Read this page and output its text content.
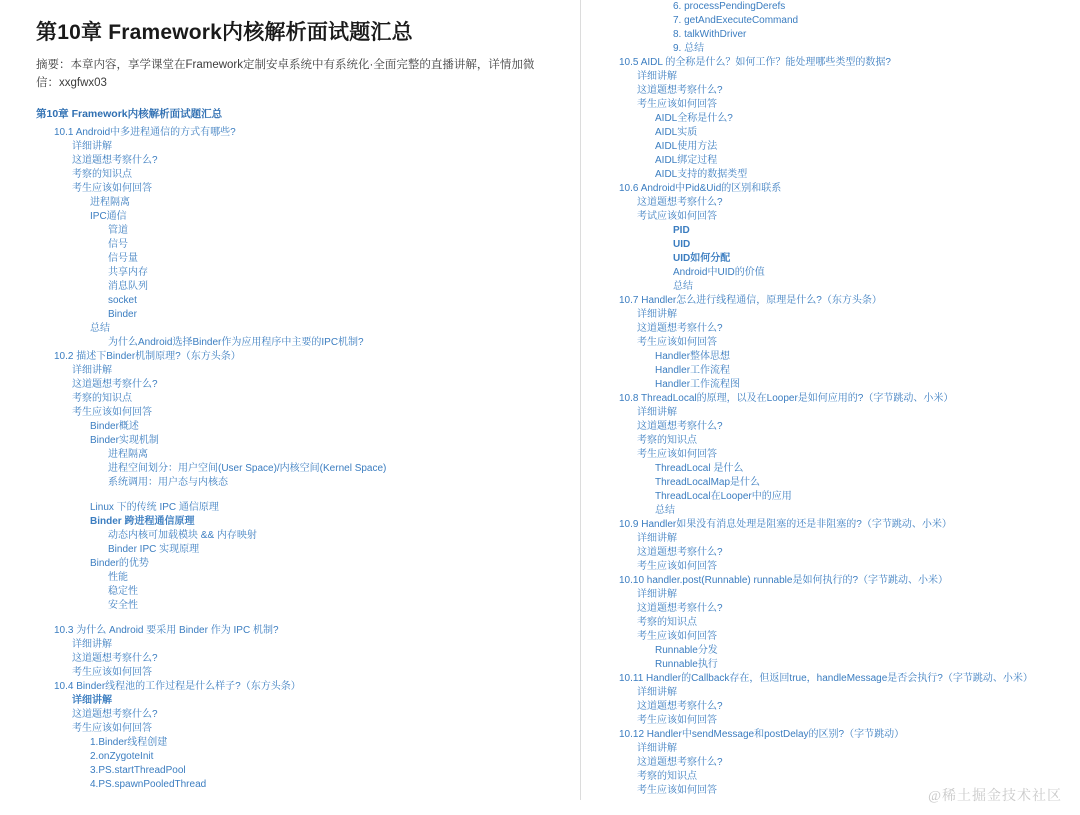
第10章 Framework内核解析面试题汇总
摘要：本章内容，享学课堂在Framework定制安卓系统中有系统化·全面完整的直播讲解，详情加微信：xxgfwx03
第10章 Framework内核解析面试题汇总
10.1 Android中多进程通信的方式有哪些?
详细讲解
这道题想考察什么?
考察的知识点
考生应该如何回答
进程隔离
IPC通信
管道
信号
信号量
共享内存
消息队列
socket
Binder
总结
为什么Android选择Binder作为应用程序中主要的IPC机制?
10.2 描述下Binder机制原理?（东方头条）
详细讲解
这道题想考察什么?
考察的知识点
考生应该如何回答
Binder概述
Binder实现机制
进程隔离
进程空间划分：用户空间(User Space)/内核空间(Kernel Space)
系统调用：用户态与内核态
Linux 下的传统 IPC 通信原理
Binder 跨进程通信原理
动态内核可加载模块 && 内存映射
Binder IPC 实现原理
Binder的优势
性能
稳定性
安全性
10.3 为什么 Android 要采用 Binder 作为 IPC 机制?
详细讲解
这道题想考察什么?
考生应该如何回答
10.4 Binder线程池的工作过程是什么样子?（东方头条）
详细讲解
这道题想考察什么?
考生应该如何回答
1.Binder线程创建
2.onZygoteInit
3.PS.startThreadPool
4.PS.spawnPooledThread
6. processPendingDerefs
7. getAndExecuteCommand
8. talkWithDriver
9. 总结
10.5 AIDL 的全称是什么？如何工作？能处理哪些类型的数据?
详细讲解
这道题想考察什么?
考生应该如何回答
AIDL全称是什么?
AIDL实质
AIDL使用方法
AIDL绑定过程
AIDL支持的数据类型
10.6 Android中Pid&Uid的区别和联系
这道题想考察什么?
考试应该如何回答
PID
UID
UID如何分配
Android中UID的价值
总结
10.7 Handler怎么进行线程通信，原理是什么?（东方头条）
详细讲解
这道题想考察什么?
考生应该如何回答
Handler整体思想
Handler工作流程
Handler工作流程图
10.8 ThreadLocal的原理，以及在Looper是如何应用的?（字节跳动、小米）
详细讲解
这道题想考察什么?
考察的知识点
考生应该如何回答
ThreadLocal 是什么
ThreadLocalMap是什么
ThreadLocal在Looper中的应用
总结
10.9 Handler如果没有消息处理是阻塞的还是非阻塞的?（字节跳动、小米）
详细讲解
这道题想考察什么?
考生应该如何回答
10.10 handler.post(Runnable) runnable是如何执行的?（字节跳动、小米）
详细讲解
这道题想考察什么?
考察的知识点
考生应该如何回答
Runnable分发
Runnable执行
10.11 Handler的Callback存在，但返回true，handleMessage是否会执行?（字节跳动、小米）
详细讲解
这道题想考察什么?
考生应该如何回答
10.12 Handler中sendMessage和postDelay的区别?（字节跳动）
详细讲解
这道题想考察什么?
考察的知识点
考生应该如何回答	@稀土掘金技术社区
